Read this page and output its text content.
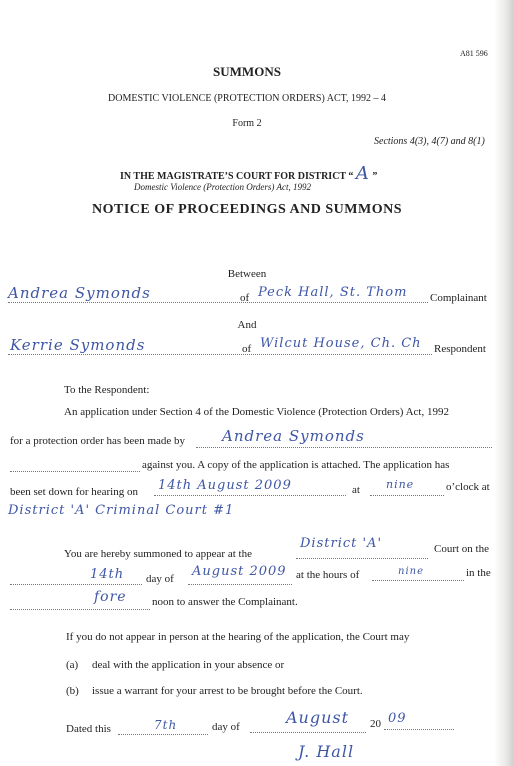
A81 596
SUMMONS
DOMESTIC VIOLENCE (PROTECTION ORDERS) ACT, 1992 – 4
Form 2
Sections 4(3), 4(7) and 8(1)
IN THE MAGISTRATE’S COURT FOR DISTRICT “ A ”
Domestic Violence (Protection Orders) Act, 1992
NOTICE OF PROCEEDINGS AND SUMMONS
Between
Andrea Symonds	of Peck Hall, St. Thom Complainant
And
Kerrie Symonds	of Wilcut House, Ch. Ch Respondent
To the Respondent:
An application under Section 4 of the Domestic Violence (Protection Orders) Act, 1992
for a protection order has been made by Andrea Symonds
against you. A copy of the application is attached. The application has
been set down for hearing on 14th August 2009	at nine	o’clock at
District 'A' Criminal Court #1
You are hereby summoned to appear at the
District 'A'	Court on the
14th day of August 2009 at the hours of	nine	in the
fore noon to answer the Complainant.
If you do not appear in person at the hearing of the application, the Court may
(a) deal with the application in your absence or
(b) issue a warrant for your arrest to be brought before the Court.
Dated this	7th	day of	August 20 09
J. Hall
